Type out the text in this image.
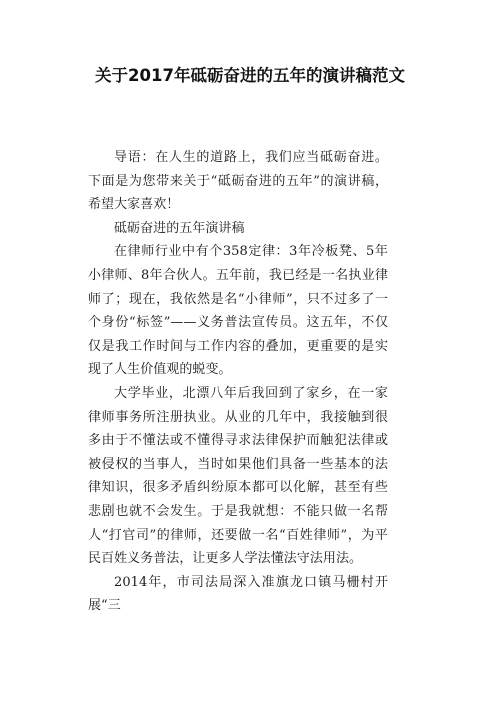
关于2017年砥砺奋进的五年的演讲稿范文

导语：在人生的道路上，我们应当砥砺奋进。下面是为您带来关于“砥砺奋进的五年”的演讲稿，希望大家喜欢！

砥砺奋进的五年演讲稿

在律师行业中有个358定律：3年冷板凳、5年小律师、8年合伙人。五年前，我已经是一名执业律师了；现在，我依然是名“小律师”，只不过多了一个身份“标签”——义务普法宣传员。这五年，不仅仅是我工作时间与工作内容的叠加，更重要的是实现了人生价值观的蜕变。

大学毕业，北漂八年后我回到了家乡，在一家律师事务所注册执业。从业的几年中，我接触到很多由于不懂法或不懂得寻求法律保护而触犯法律或被侵权的当事人，当时如果他们具备一些基本的法律知识，很多矛盾纠纷原本都可以化解，甚至有些悲剧也就不会发生。于是我就想：不能只做一名帮人“打官司”的律师，还要做一名“百姓律师”，为平民百姓义务普法，让更多人学法懂法守法用法。

2014年，市司法局深入准旗龙口镇马栅村开展“三
